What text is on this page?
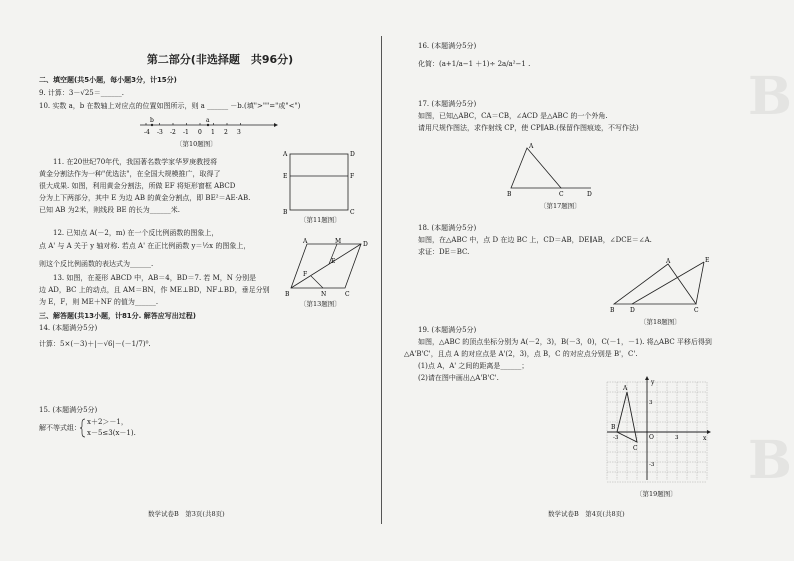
B
B
第二部分(非选择题　共96分)
二、填空题(共5小题，每小题3分，计15分)
9. 计算：3－√25＝______.
10. 实数 a，b 在数轴上对应点的位置如图所示，则 a ______ －b.(填">""="或"<")
b	a
-4 -3 -2 -1 0 1 2 3
〔第10题图〕
11. 在20世纪70年代，我国著名数学家华罗庚教授将
黄金分割法作为一种"优选法"，在全国大规模推广，取得了
很大成果. 如图，利用黄金分割法，所做 EF 将矩形窗框 ABCD
分为上下两部分，其中 E 为边 AB 的黄金分割点，即 BE²＝AE·AB.
已知 AB 为2米，则线段 BE 的长为______米.
A
B	C
D
E	F
〔第11题图〕
12. 已知点 A(－2，m) 在一个反比例函数的图象上，
点 A' 与 A 关于 y 轴对称. 若点 A' 在正比例函数 y＝½x 的图象上，
则这个反比例函数的表达式为______.
13. 如图，在菱形 ABCD 中，AB＝4，BD＝7. 若 M，N 分别是
边 AD，BC 上的动点，且 AM＝BN，作 ME⊥BD，NF⊥BD，垂足分别
为 E，F，则 ME＋NF 的值为______.
A	M	D
E
F
B	N	C
〔第13题图〕
三、解答题(共13小题，计81分. 解答应写出过程)
14. (本题满分5分)
计算：5×(－3)＋|－√6|－(－1/7)⁰.
15. (本题满分5分)
解不等式组：
x＋2＞－1，
x－5≤3(x－1).
数学试卷B　第3页(共8页)
16. (本题满分5分)
化简：(a+1/a−1 ＋1)÷ 2a/a²−1 .
17. (本题满分5分)
如图，已知△ABC，CA＝CB，∠ACD 是△ABC 的一个外角.
请用尺规作图法，求作射线 CP，使 CP∥AB.(保留作图痕迹，不写作法)
A
B	C	D
〔第17题图〕
18. (本题满分5分)
如图，在△ABC 中，点 D 在边 BC 上，CD＝AB，DE∥AB，∠DCE＝∠A.
求证：DE＝BC.
A
B	C
D
E
〔第18题图〕
19. (本题满分5分)
如图，△ABC 的顶点坐标分别为 A(－2，3)，B(－3，0)，C(－1，－1). 将△ABC 平移后得到
△A'B'C'，且点 A 的对应点是 A'(2，3)，点 B，C 的对应点分别是 B'，C'.
(1)点 A，A' 之间的距离是______；
(2)请在图中画出△A'B'C'.
A
B
C
O	x
y
3
-3
3
-3
〔第19题图〕
数学试卷B　第4页(共8页)
